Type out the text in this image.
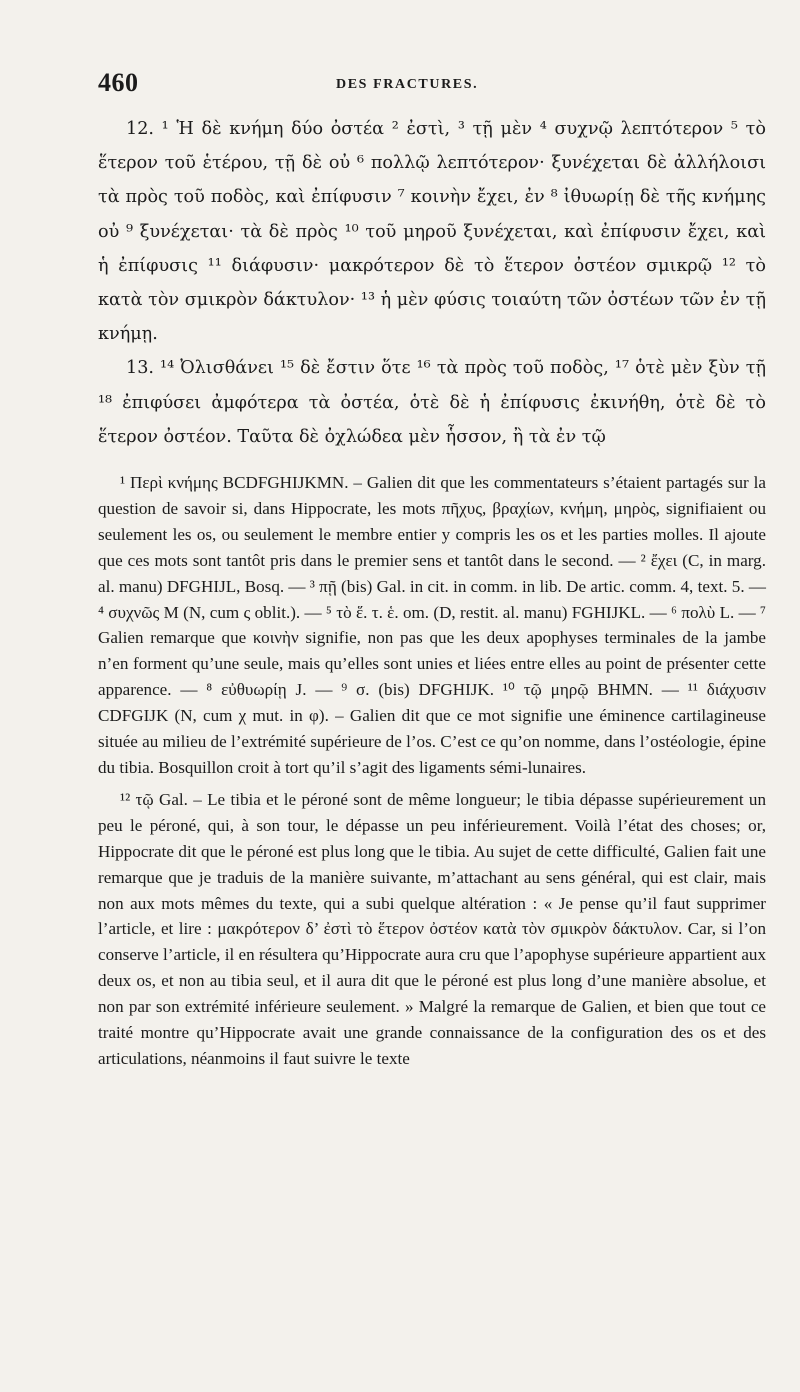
460	DES FRACTURES.

12. ¹ Ἡ δὲ κνήμη δύο ὀστέα ² ἐστὶ, ³ τῇ μὲν ⁴ συχνῷ λεπτότερον ⁵ τὸ ἕτερον τοῦ ἑτέρου, τῇ δὲ οὐ ⁶ πολλῷ λεπτότερον· ξυνέχεται δὲ ἀλλήλοισι τὰ πρὸς τοῦ ποδὸς, καὶ ἐπίφυσιν ⁷ κοινὴν ἔχει, ἐν ⁸ ἰθυωρίῃ δὲ τῆς κνήμης οὐ ⁹ ξυνέχεται· τὰ δὲ πρὸς ¹⁰ τοῦ μηροῦ ξυνέχεται, καὶ ἐπίφυσιν ἔχει, καὶ ἡ ἐπίφυσις ¹¹ διάφυσιν· μακρότερον δὲ τὸ ἕτερον ὀστέον σμικρῷ ¹² τὸ κατὰ τὸν σμικρὸν δάκτυλον· ¹³ ἡ μὲν φύσις τοιαύτη τῶν ὀστέων τῶν ἐν τῇ κνήμῃ.

13. ¹⁴ Ὀλισθάνει ¹⁵ δὲ ἔστιν ὅτε ¹⁶ τὰ πρὸς τοῦ ποδὸς, ¹⁷ ὁτὲ μὲν ξὺν τῇ ¹⁸ ἐπιφύσει ἀμφότερα τὰ ὀστέα, ὁτὲ δὲ ἡ ἐπίφυσις ἐκινήθη, ὁτὲ δὲ τὸ ἕτερον ὀστέον. Ταῦτα δὲ ὀχλώδεα μὲν ἧσσον, ἢ τὰ ἐν τῷ

¹ Περὶ κνήμης BCDFGHIJKMN. – Galien dit que les commentateurs s’étaient partagés sur la question de savoir si, dans Hippocrate, les mots πῆχυς, βραχίων, κνήμη, μηρὸς, signifiaient ou seulement les os, ou seulement le membre entier y compris les os et les parties molles. Il ajoute que ces mots sont tantôt pris dans le premier sens et tantôt dans le second. — ² ἔχει (C, in marg. al. manu) DFGHIJL, Bosq. — ³ πῇ (bis) Gal. in cit. in comm. in lib. De artic. comm. 4, text. 5. — ⁴ συχνῶς M (N, cum ς oblit.). — ⁵ τὸ ἕ. τ. ἑ. om. (D, restit. al. manu) FGHIJKL. — ⁶ πολὺ L. — ⁷ Galien remarque que κοινὴν signifie, non pas que les deux apophyses terminales de la jambe n’en forment qu’une seule, mais qu’elles sont unies et liées entre elles au point de présenter cette apparence. — ⁸ εὐθυωρίῃ J. — ⁹ σ. (bis) DFGHIJK. ¹⁰ τῷ μηρῷ BHMN. — ¹¹ διάχυσιν CDFGIJK (N, cum χ mut. in φ). – Galien dit que ce mot signifie une éminence cartilagineuse située au milieu de l’extrémité supérieure de l’os. C’est ce qu’on nomme, dans l’ostéologie, épine du tibia. Bosquillon croit à tort qu’il s’agit des ligaments sémi-lunaires.

¹² τῷ Gal. – Le tibia et le péroné sont de même longueur; le tibia dépasse supérieurement un peu le péroné, qui, à son tour, le dépasse un peu inférieurement. Voilà l’état des choses; or, Hippocrate dit que le péroné est plus long que le tibia. Au sujet de cette difficulté, Galien fait une remarque que je traduis de la manière suivante, m’attachant au sens général, qui est clair, mais non aux mots mêmes du texte, qui a subi quelque altération : « Je pense qu’il faut supprimer l’article, et lire : μακρότερον δ’ ἐστὶ τὸ ἕτερον ὀστέον κατὰ τὸν σμικρὸν δάκτυλον. Car, si l’on conserve l’article, il en résultera qu’Hippocrate aura cru que l’apophyse supérieure appartient aux deux os, et non au tibia seul, et il aura dit que le péroné est plus long d’une manière absolue, et non par son extrémité inférieure seulement. » Malgré la remarque de Galien, et bien que tout ce traité montre qu’Hippocrate avait une grande connaissance de la configuration des os et des articulations, néanmoins il faut suivre le texte
